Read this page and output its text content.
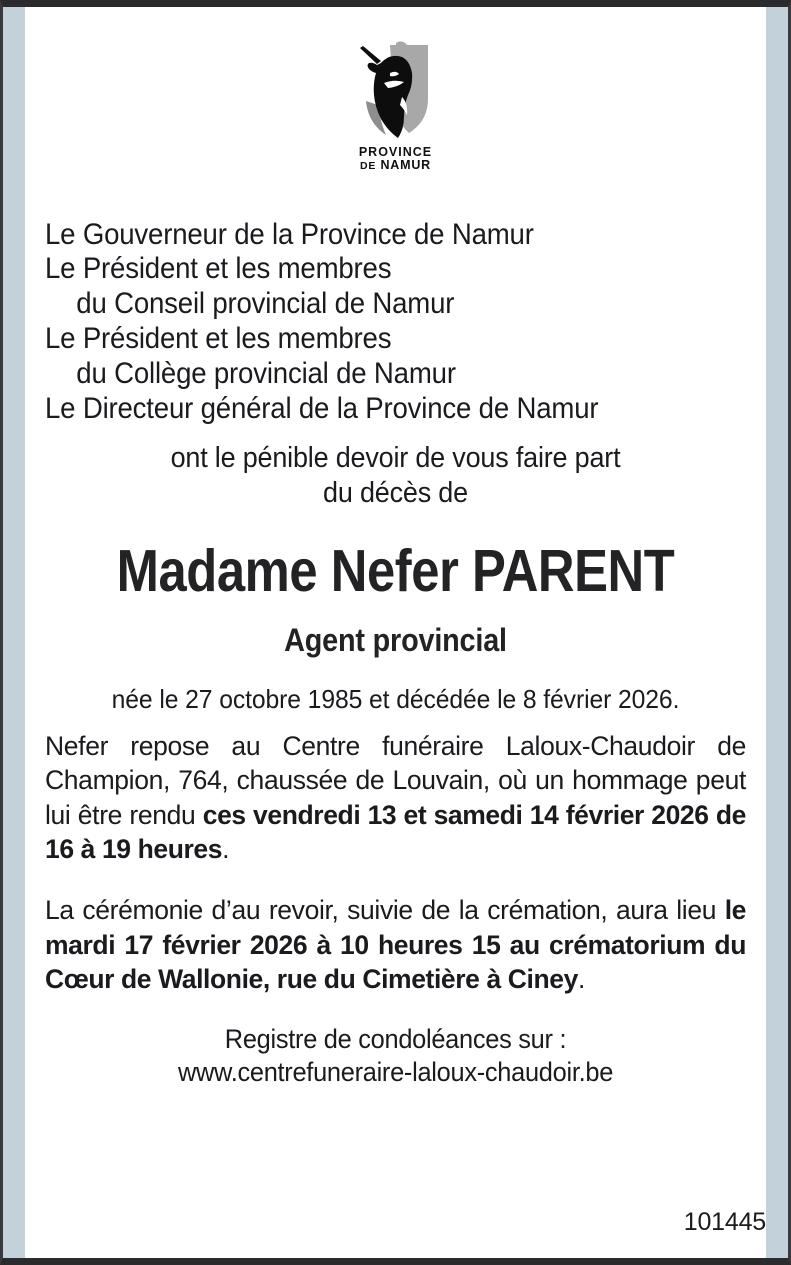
PROVINCE
DE NAMUR
Le Gouverneur de la Province de Namur
Le Président et les membres
du Conseil provincial de Namur
Le Président et les membres
du Collège provincial de Namur
Le Directeur général de la Province de Namur
ont le pénible devoir de vous faire part
du décès de
Madame Nefer PARENT
Agent provincial
née le 27 octobre 1985 et décédée le 8 février 2026.

Nefer repose au Centre funéraire Laloux-Chaudoir de Champion, 764, chaussée de Louvain, où un hommage peut lui être rendu ces vendredi 13 et samedi 14 février 2026 de 16 à 19 heures.

La cérémonie d’au revoir, suivie de la crémation, aura lieu le mardi 17 février 2026 à 10 heures 15 au crématorium du Cœur de Wallonie, rue du Cimetière à Ciney.

Registre de condoléances sur :
www.centrefuneraire-laloux-chaudoir.be
101445
